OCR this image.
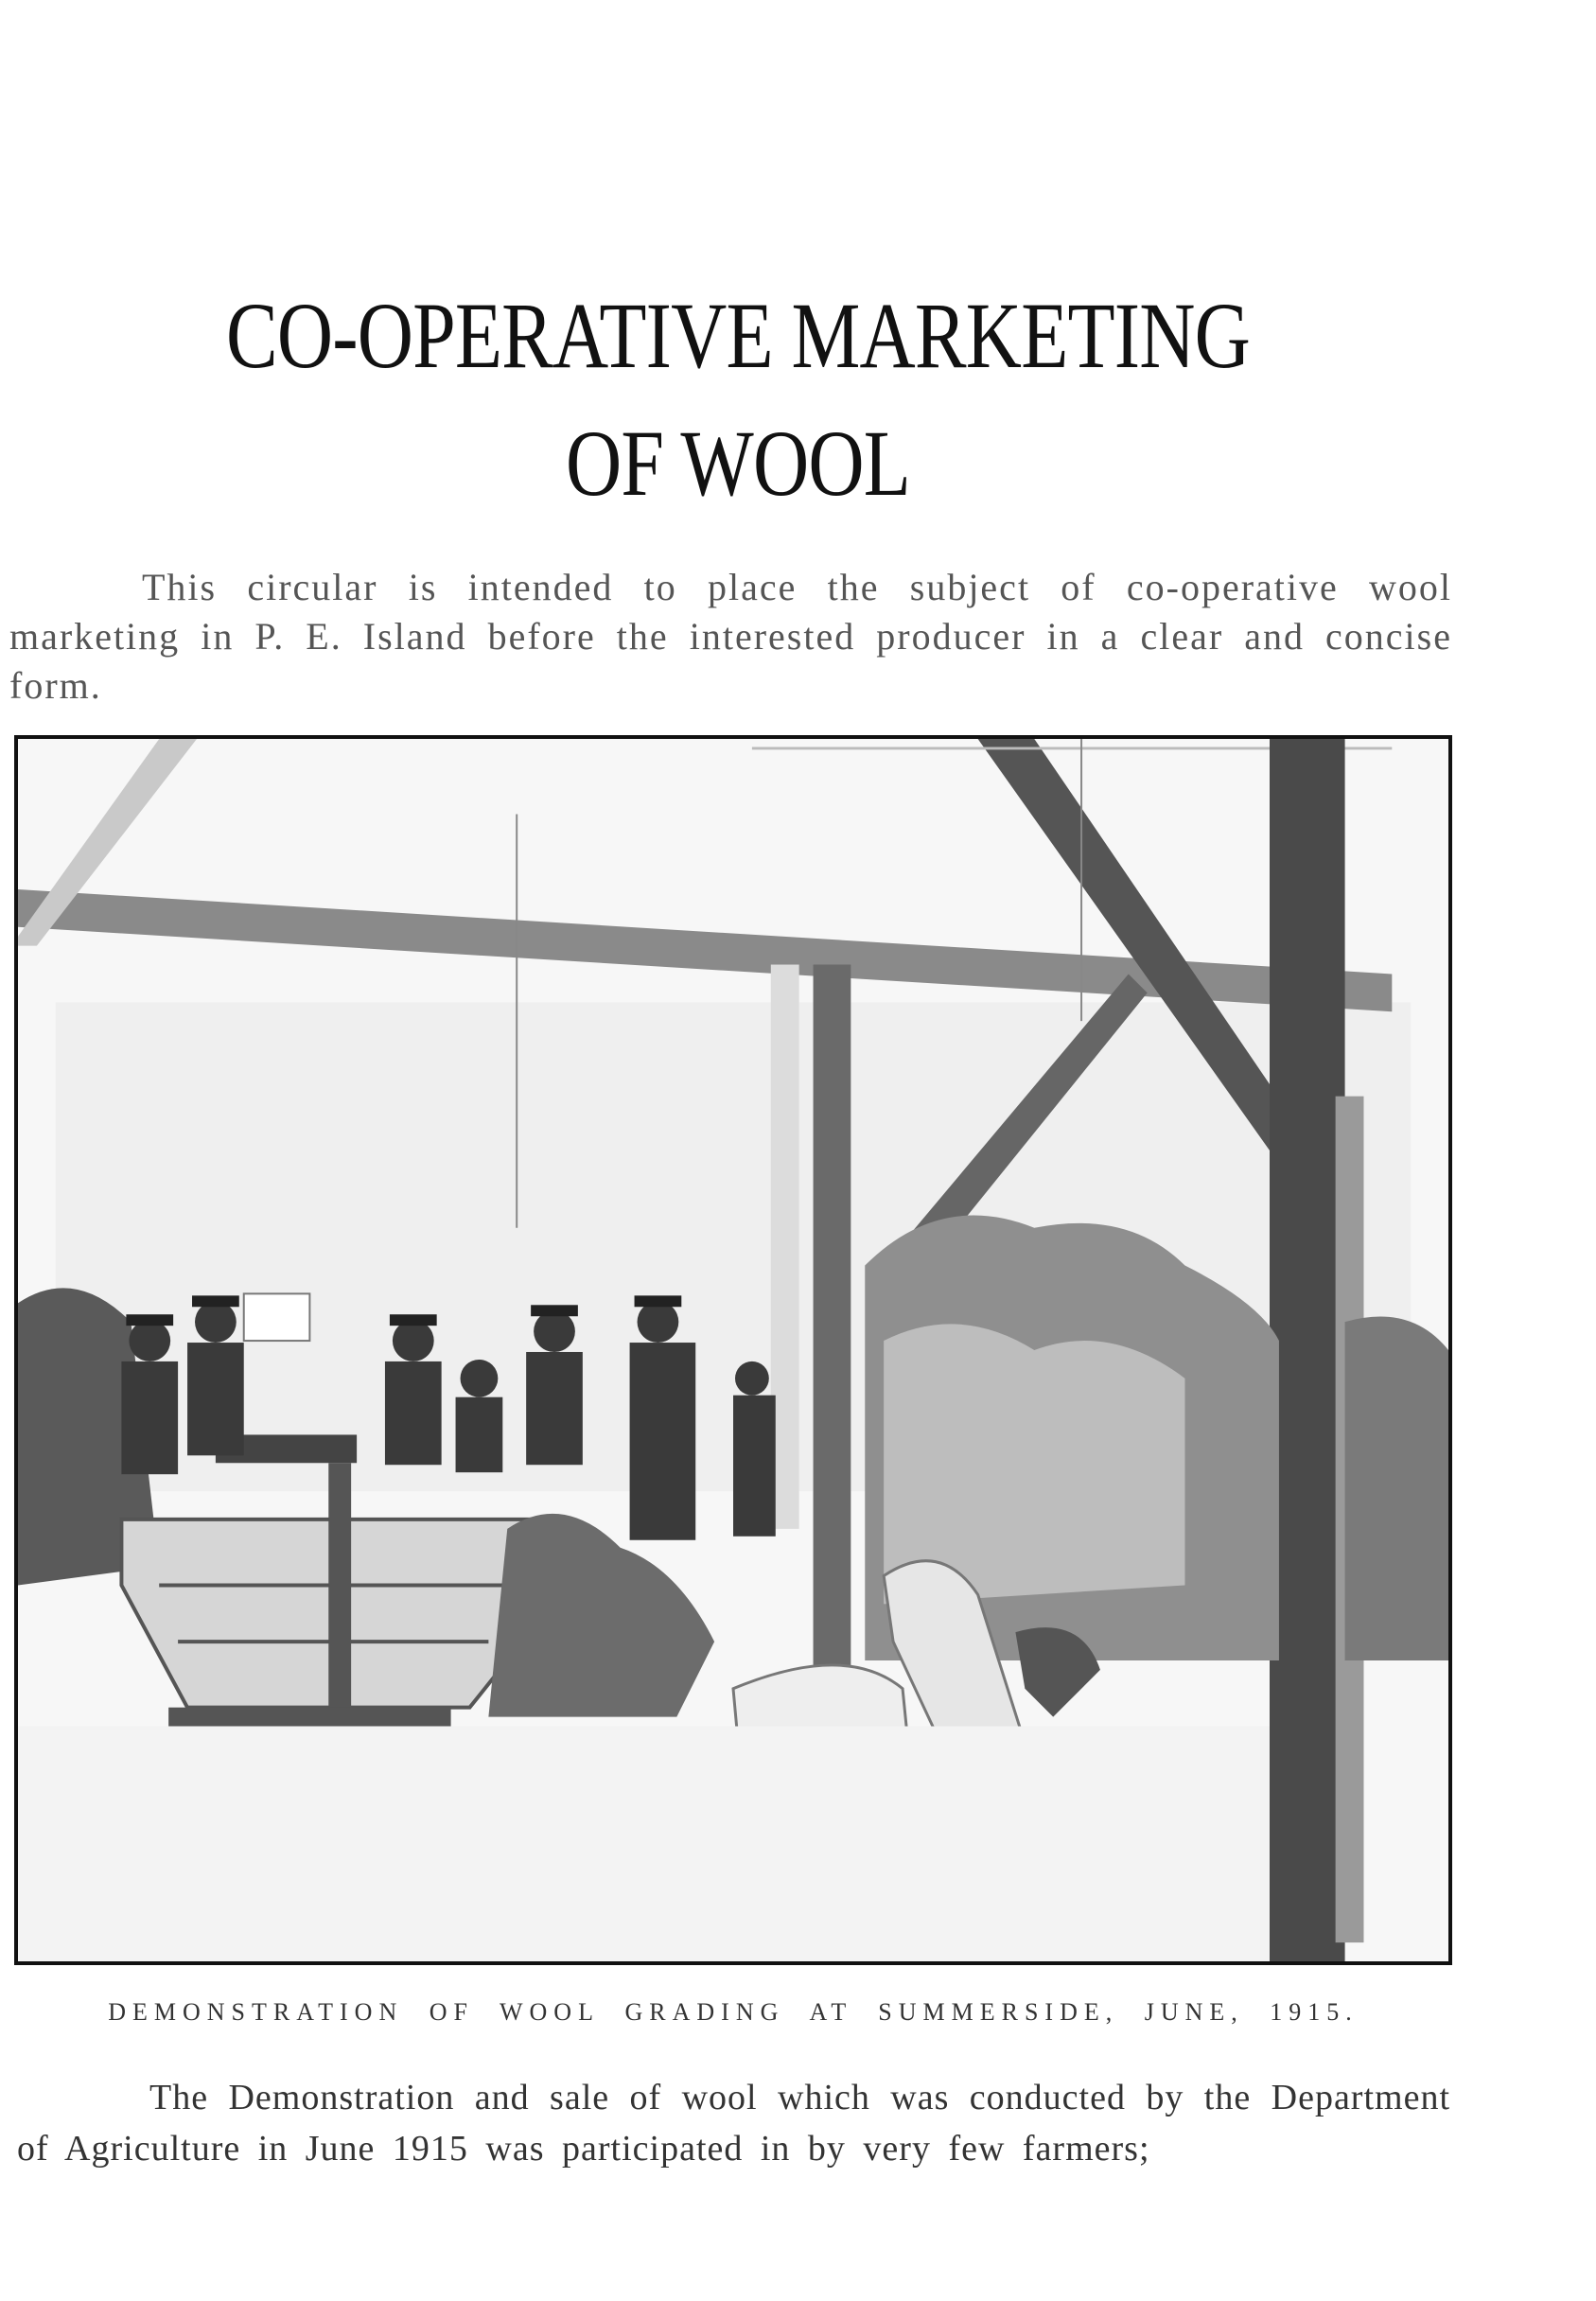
CO-OPERATIVE MARKETING
OF WOOL

This circular is intended to place the subject of co-operative wool marketing in P. E. Island before the interested producer in a clear and concise form.

DEMONSTRATION OF WOOL GRADING AT SUMMERSIDE, JUNE, 1915.

The Demonstration and sale of wool which was conducted by the Department of Agriculture in June 1915 was participated in by very few farmers;
